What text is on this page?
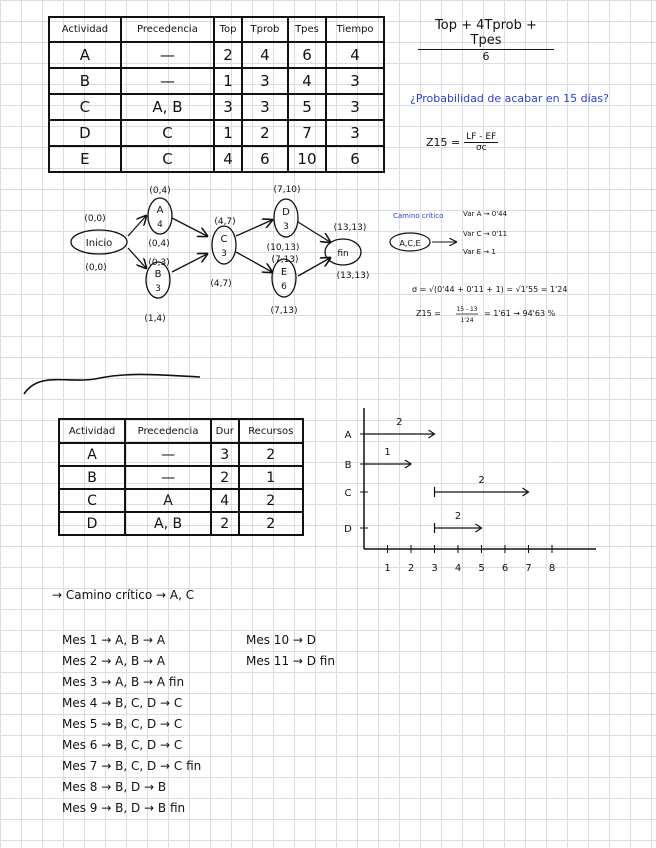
Actividad	Precedencia	Top	Tprob	Tpes	Tiempo
A	—	2	4	6	4
B	—	1	3	4	3
C	A, B	3	3	5	3
D	C	1	2	7	3
E	C	4	6	10	6
Top + 4Tprob + Tpes
6
¿Probabilidad de acabar en 15 días?
$Z15 = \frac{LF - EF}{\sigma c}$
Inicio
A
4
B
3
C
3
D
3
E
6
fin
(0,0)
(0,0)
(0,4)
(0,4)
(0,3)
(1,4)
(4,7)
(4,7)
(7,10)
(10,13)
(7,13)
(7,13)
(13,13)
(13,13)
Camino crítico
A,C,E
Var A → 0'44
Var C → 0'11
Var E → 1
σ = √(0'44 + 0'11 + 1) = √1'55 = 1'24
Z15 =	15 - 13
1'24
= 1'61 → 94'63 %
A
B
C
D
1 2 3 4 5 6 7 8
2
1
2
2
Actividad	Precedencia	Dur	Recursos
A	—	3	2
B	—	2	1
C	A	4	2
D	A, B	2	2
→ Camino crítico → A, C
Mes 1 → A, B → A
Mes 2 → A, B → A
Mes 3 → A, B → A fin
Mes 4 → B, C, D → C
Mes 5 → B, C, D → C
Mes 6 → B, C, D → C
Mes 7 → B, C, D → C fin
Mes 8 → B, D → B
Mes 9 → B, D → B fin
Mes 10 → D
Mes 11 → D fin
